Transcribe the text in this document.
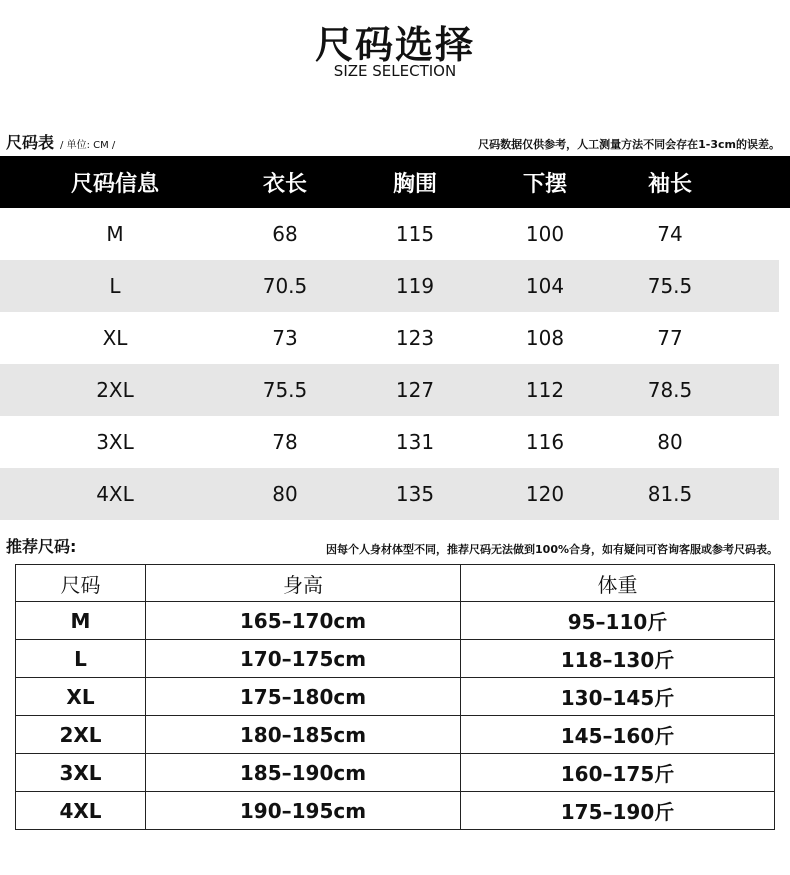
尺码选择
SIZE SELECTION
尺码表 / 单位: CM /	尺码数据仅供参考，人工测量方法不同会存在1-3cm的误差。
尺码信息	衣长	胸围	下摆	袖长
M	68	115	100	74
L	70.5	119	104	75.5
XL	73	123	108	77
2XL	75.5	127	112	78.5
3XL	78	131	116	80
4XL	80	135	120	81.5
推荐尺码:	因每个人身材体型不同，推荐尺码无法做到100%合身，如有疑问可咨询客服或参考尺码表。
尺码	身高	体重
M	165–170cm	95–110斤
L	170–175cm	118–130斤
XL	175–180cm	130–145斤
2XL	180–185cm	145–160斤
3XL	185–190cm	160–175斤
4XL	190–195cm	175–190斤
